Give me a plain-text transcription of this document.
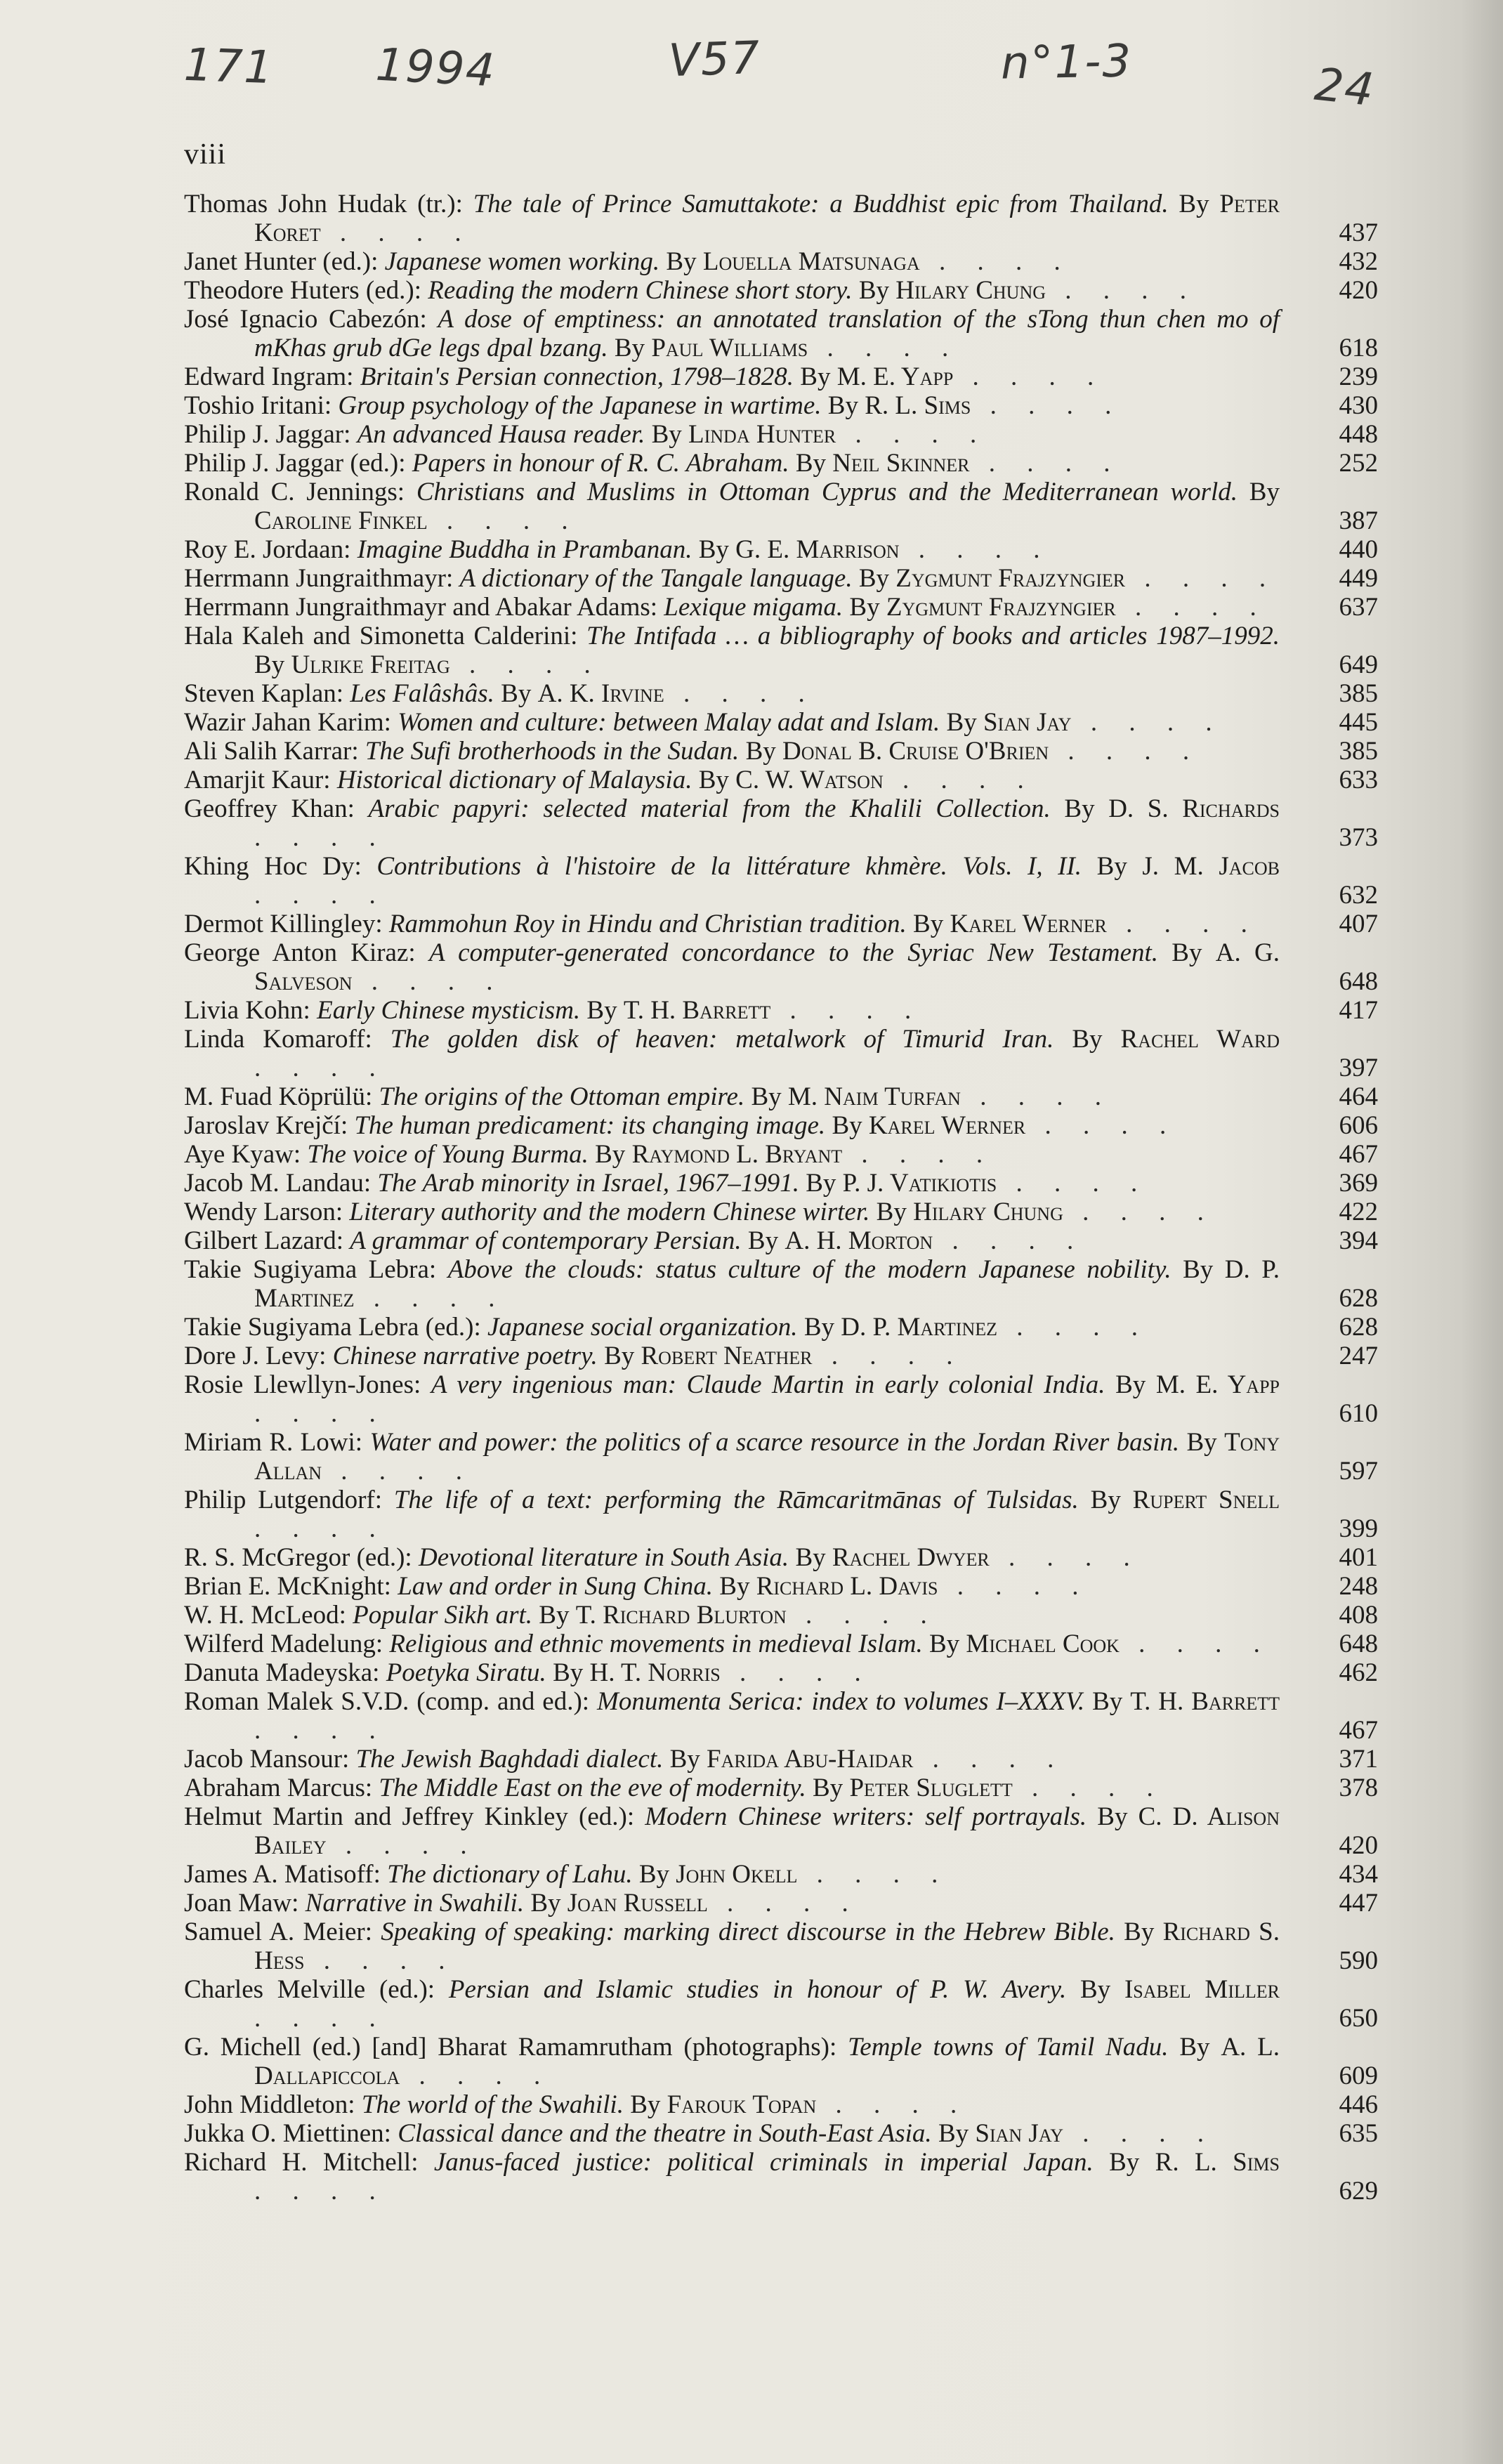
171 1994	V57	n°1-3	24
viii
Thomas John Hudak (tr.): The tale of Prince Samuttakote: a Buddhist epic from Thailand. By Peter Koret . . . .	437
Janet Hunter (ed.): Japanese women working. By Louella Matsunaga . . . .	432
Theodore Huters (ed.): Reading the modern Chinese short story. By Hilary Chung . . . .	420
José Ignacio Cabezón: A dose of emptiness: an annotated translation of the sTong thun chen mo of mKhas grub dGe legs dpal bzang. By Paul Williams . . . .	618
Edward Ingram: Britain's Persian connection, 1798–1828. By M. E. Yapp . . . .	239
Toshio Iritani: Group psychology of the Japanese in wartime. By R. L. Sims . . . .	430
Philip J. Jaggar: An advanced Hausa reader. By Linda Hunter . . . .	448
Philip J. Jaggar (ed.): Papers in honour of R. C. Abraham. By Neil Skinner . . . .	252
Ronald C. Jennings: Christians and Muslims in Ottoman Cyprus and the Mediterranean world. By Caroline Finkel . . . .	387
Roy E. Jordaan: Imagine Buddha in Prambanan. By G. E. Marrison . . . .	440
Herrmann Jungraithmayr: A dictionary of the Tangale language. By Zygmunt Frajzyngier . . . .	449
Herrmann Jungraithmayr and Abakar Adams: Lexique migama. By Zygmunt Frajzyngier . . . .	637
Hala Kaleh and Simonetta Calderini: The Intifada … a bibliography of books and articles 1987–1992. By Ulrike Freitag . . . .	649
Steven Kaplan: Les Falâshâs. By A. K. Irvine . . . .	385
Wazir Jahan Karim: Women and culture: between Malay adat and Islam. By Sian Jay . . . .	445
Ali Salih Karrar: The Sufi brotherhoods in the Sudan. By Donal B. Cruise O'Brien . . . .	385
Amarjit Kaur: Historical dictionary of Malaysia. By C. W. Watson . . . .	633
Geoffrey Khan: Arabic papyri: selected material from the Khalili Collection. By D. S. Richards . . . .	373
Khing Hoc Dy: Contributions à l'histoire de la littérature khmère. Vols. I, II. By J. M. Jacob . . . .	632
Dermot Killingley: Rammohun Roy in Hindu and Christian tradition. By Karel Werner . . . .	407
George Anton Kiraz: A computer-generated concordance to the Syriac New Testament. By A. G. Salveson . . . .	648
Livia Kohn: Early Chinese mysticism. By T. H. Barrett . . . .	417
Linda Komaroff: The golden disk of heaven: metalwork of Timurid Iran. By Rachel Ward . . . .	397
M. Fuad Köprülü: The origins of the Ottoman empire. By M. Naim Turfan . . . .	464
Jaroslav Krejčí: The human predicament: its changing image. By Karel Werner . . . .	606
Aye Kyaw: The voice of Young Burma. By Raymond L. Bryant . . . .	467
Jacob M. Landau: The Arab minority in Israel, 1967–1991. By P. J. Vatikiotis . . . .	369
Wendy Larson: Literary authority and the modern Chinese wirter. By Hilary Chung . . . .	422
Gilbert Lazard: A grammar of contemporary Persian. By A. H. Morton . . . .	394
Takie Sugiyama Lebra: Above the clouds: status culture of the modern Japanese nobility. By D. P. Martinez . . . .	628
Takie Sugiyama Lebra (ed.): Japanese social organization. By D. P. Martinez . . . .	628
Dore J. Levy: Chinese narrative poetry. By Robert Neather . . . .	247
Rosie Llewllyn-Jones: A very ingenious man: Claude Martin in early colonial India. By M. E. Yapp . . . .	610
Miriam R. Lowi: Water and power: the politics of a scarce resource in the Jordan River basin. By Tony Allan . . . .	597
Philip Lutgendorf: The life of a text: performing the Rāmcaritmānas of Tulsidas. By Rupert Snell . . . .	399
R. S. McGregor (ed.): Devotional literature in South Asia. By Rachel Dwyer . . . .	401
Brian E. McKnight: Law and order in Sung China. By Richard L. Davis . . . .	248
W. H. McLeod: Popular Sikh art. By T. Richard Blurton . . . .	408
Wilferd Madelung: Religious and ethnic movements in medieval Islam. By Michael Cook . . . .	648
Danuta Madeyska: Poetyka Siratu. By H. T. Norris . . . .	462
Roman Malek S.V.D. (comp. and ed.): Monumenta Serica: index to volumes I–XXXV. By T. H. Barrett . . . .	467
Jacob Mansour: The Jewish Baghdadi dialect. By Farida Abu-Haidar . . . .	371
Abraham Marcus: The Middle East on the eve of modernity. By Peter Sluglett . . . .	378
Helmut Martin and Jeffrey Kinkley (ed.): Modern Chinese writers: self portrayals. By C. D. Alison Bailey . . . .	420
James A. Matisoff: The dictionary of Lahu. By John Okell . . . .	434
Joan Maw: Narrative in Swahili. By Joan Russell . . . .	447
Samuel A. Meier: Speaking of speaking: marking direct discourse in the Hebrew Bible. By Richard S. Hess . . . .	590
Charles Melville (ed.): Persian and Islamic studies in honour of P. W. Avery. By Isabel Miller . . . .	650
G. Michell (ed.) [and] Bharat Ramamrutham (photographs): Temple towns of Tamil Nadu. By A. L. Dallapiccola . . . .	609
John Middleton: The world of the Swahili. By Farouk Topan . . . .	446
Jukka O. Miettinen: Classical dance and the theatre in South-East Asia. By Sian Jay . . . .	635
Richard H. Mitchell: Janus-faced justice: political criminals in imperial Japan. By R. L. Sims . . . .	629
